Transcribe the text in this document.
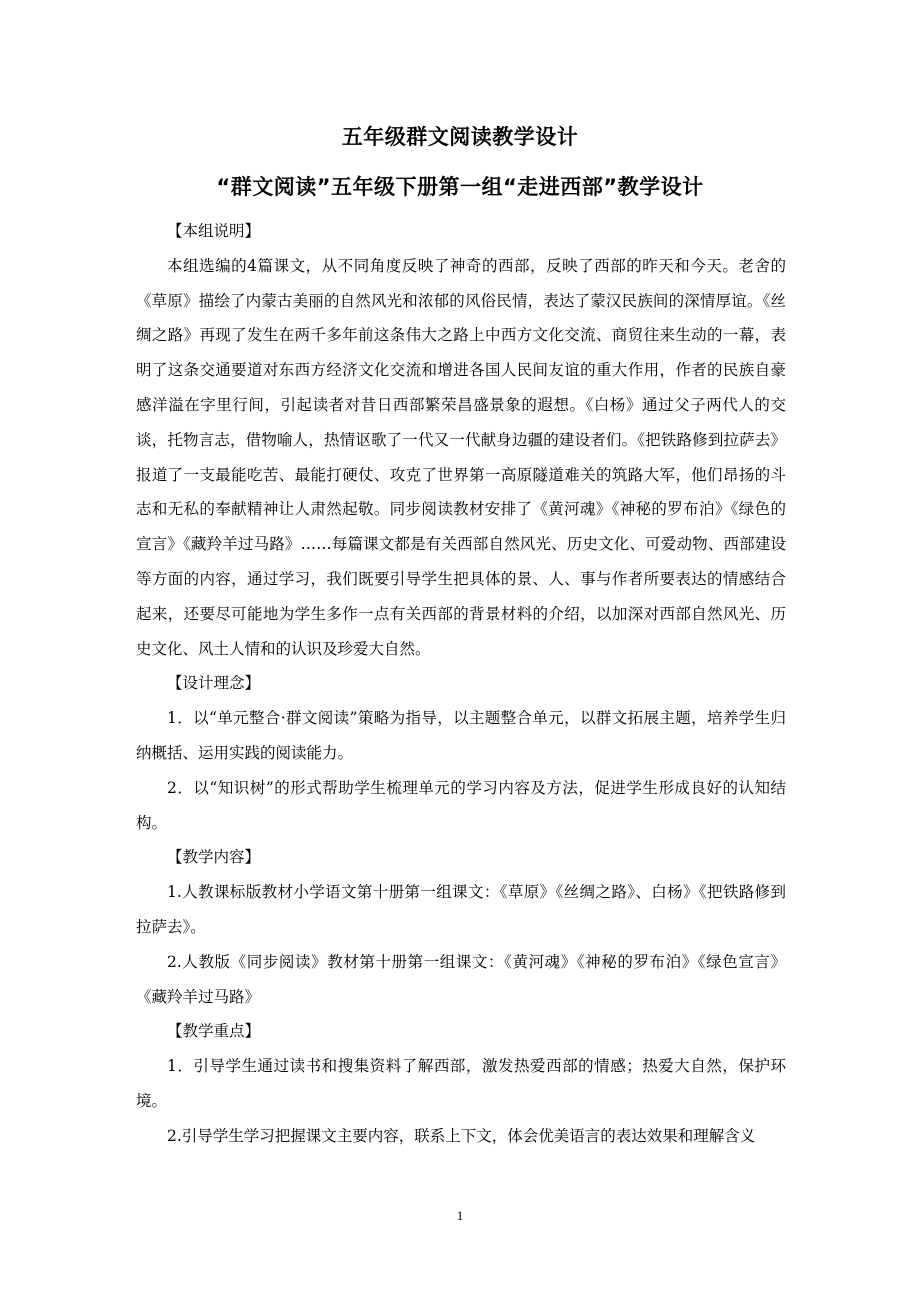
五年级群文阅读教学设计
“群文阅读”五年级下册第一组“走进西部”教学设计

【本组说明】

本组选编的4篇课文，从不同角度反映了神奇的西部，反映了西部的昨天和今天。老舍的《草原》描绘了内蒙古美丽的自然风光和浓郁的风俗民情，表达了蒙汉民族间的深情厚谊。《丝绸之路》再现了发生在两千多年前这条伟大之路上中西方文化交流、商贸往来生动的一幕，表明了这条交通要道对东西方经济文化交流和增进各国人民间友谊的重大作用，作者的民族自豪感洋溢在字里行间，引起读者对昔日西部繁荣昌盛景象的遐想。《白杨》通过父子两代人的交谈，托物言志，借物喻人，热情讴歌了一代又一代献身边疆的建设者们。《把铁路修到拉萨去》报道了一支最能吃苦、最能打硬仗、攻克了世界第一高原隧道难关的筑路大军，他们昂扬的斗志和无私的奉献精神让人肃然起敬。同步阅读教材安排了《黄河魂》《神秘的罗布泊》《绿色的宣言》《藏羚羊过马路》……每篇课文都是有关西部自然风光、历史文化、可爱动物、西部建设等方面的内容，通过学习，我们既要引导学生把具体的景、人、事与作者所要表达的情感结合起来，还要尽可能地为学生多作一点有关西部的背景材料的介绍，以加深对西部自然风光、历史文化、风土人情和的认识及珍爱大自然。

【设计理念】

1．以“单元整合·群文阅读”策略为指导，以主题整合单元，以群文拓展主题，培养学生归纳概括、运用实践的阅读能力。

2．以“知识树”的形式帮助学生梳理单元的学习内容及方法，促进学生形成良好的认知结构。

【教学内容】

1.人教课标版教材小学语文第十册第一组课文：《草原》《丝绸之路》、白杨》《把铁路修到拉萨去》。

2.人教版《同步阅读》教材第十册第一组课文：《黄河魂》《神秘的罗布泊》《绿色宣言》《藏羚羊过马路》

【教学重点】

1．引导学生通过读书和搜集资料了解西部，激发热爱西部的情感；热爱大自然，保护环境。

2.引导学生学习把握课文主要内容，联系上下文，体会优美语言的表达效果和理解含义

1
